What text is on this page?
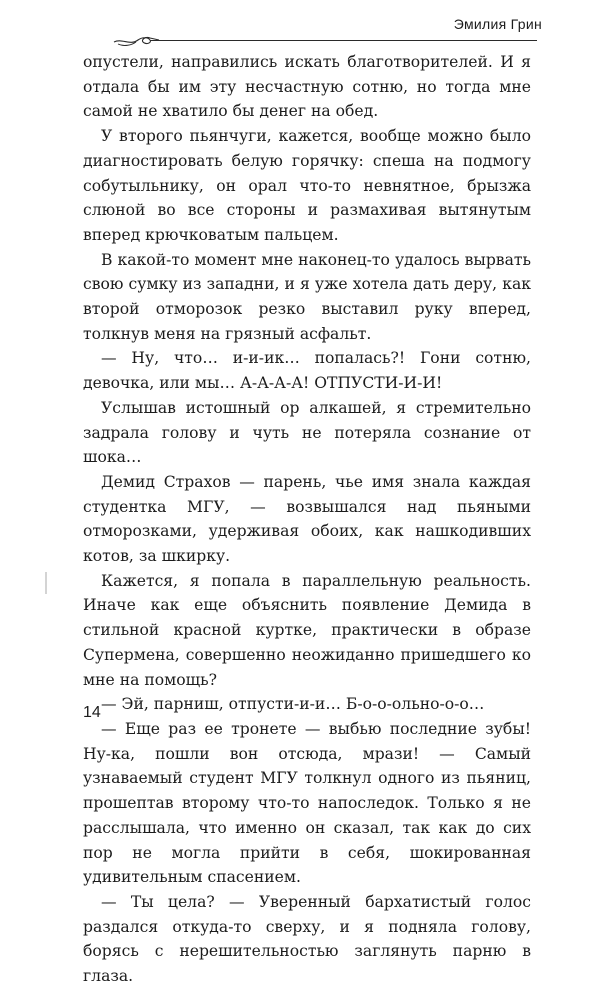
Эмилия Грин

опустели, направились искать благотворителей. И я отдала бы им эту несчастную сотню, но тогда мне самой не хватило бы денег на обед.

У второго пьянчуги, кажется, вообще можно было диагностировать белую горячку: спеша на подмогу собутыльнику, он орал что-то невнятное, брызжа слюной во все стороны и размахивая вытянутым вперед крючковатым пальцем.

В какой-то момент мне наконец-то удалось вырвать свою сумку из западни, и я уже хотела дать деру, как второй отморозок резко выставил руку вперед, толкнув меня на грязный асфальт.

— Ну, что… и-и-ик… попалась?! Гони сотню, девочка, или мы… А-А-А-А! ОТПУСТИ-И-И!

Услышав истошный ор алкашей, я стремительно задрала голову и чуть не потеряла сознание от шока…

Демид Страхов — парень, чье имя знала каждая студентка МГУ, — возвышался над пьяными отморозками, удерживая обоих, как нашкодивших котов, за шкирку.

Кажется, я попала в параллельную реальность. Иначе как еще объяснить появление Демида в стильной красной куртке, практически в образе Супермена, совершенно неожиданно пришедшего ко мне на помощь?

— Эй, парниш, отпусти-и-и… Б-о-о-ольно-о-о…

— Еще раз ее тронете — выбью последние зубы! Ну-ка, пошли вон отсюда, мрази! — Самый узнаваемый студент МГУ толкнул одного из пьяниц, прошептав второму что-то напоследок. Только я не расслышала, что именно он сказал, так как до сих пор не могла прийти в себя, шокированная удивительным спасением.

— Ты цела? — Уверенный бархатистый голос раздался откуда-то сверху, и я подняла голову, борясь с нерешительностью заглянуть парню в глаза.

14
